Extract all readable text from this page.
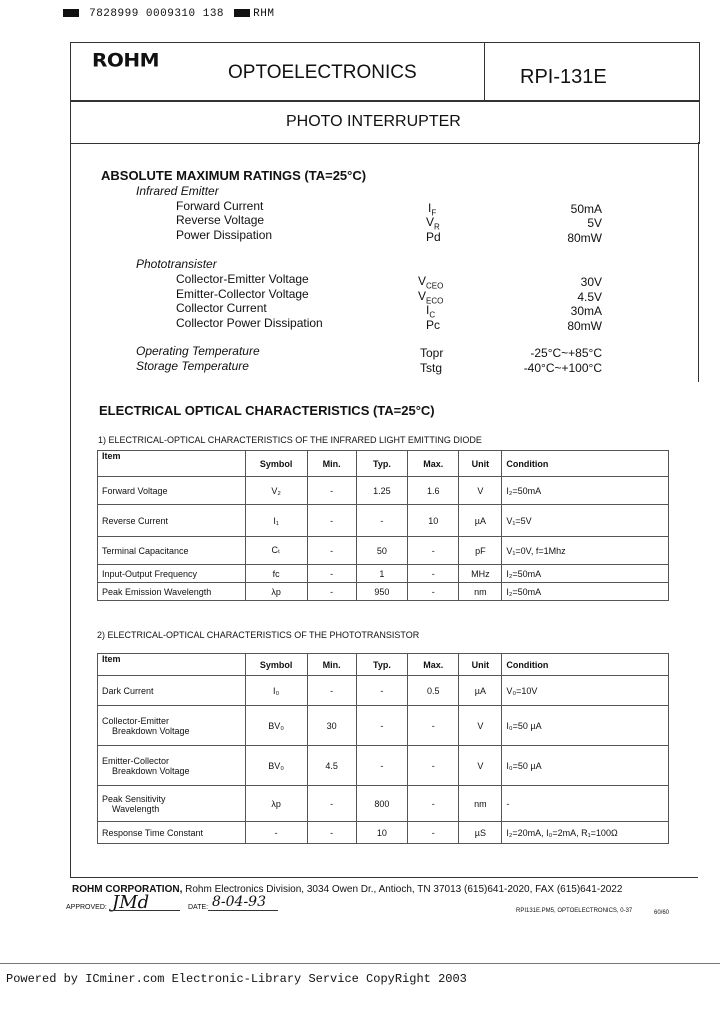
7828999 0009310 138	RHM
ROHM
OPTOELECTRONICS	RPI-131E
PHOTO INTERRUPTER
ABSOLUTE MAXIMUM RATINGS (TA=25°C)
Infrared Emitter
Forward Current	$I_F$	50mA
Reverse Voltage	$V_R$	5V
Power Dissipation	Pd	80mW
Phototransister
Collector-Emitter Voltage	$V_{CEO}$	30V
Emitter-Collector Voltage	$V_{ECO}$	4.5V
Collector Current	$I_C$	30mA
Collector Power Dissipation	Pc	80mW
Operating Temperature	Topr	-25°C~+85°C
Storage Temperature	Tstg	-40°C~+100°C
ELECTRICAL OPTICAL CHARACTERISTICS (TA=25°C)
1) ELECTRICAL-OPTICAL CHARACTERISTICS OF THE INFRARED LIGHT EMITTING DIODE
Item	Symbol	Min.	Typ.	Max.	Unit	Condition
Forward Voltage	V₂	-	1.25	1.6	V	I₂=50mA
Reverse Current	I₁	-	-	10	µA	V₁=5V
Terminal Capacitance	Cₜ	-	50	-	pF	V₁=0V, f=1Mhz
Input-Output Frequency	fc	-	1	-	MHz	I₂=50mA
Peak Emission Wavelength	λp	-	950	-	nm	I₂=50mA
2) ELECTRICAL-OPTICAL CHARACTERISTICS OF THE PHOTOTRANSISTOR
Item	Symbol	Min.	Typ.	Max.	Unit	Condition
Dark Current	I₀	-	-	0.5	µA	V₀=10V
Collector-Emitter
Breakdown Voltage	BV₀	30	-	-	V	I₀=50 µA
Emitter-Collector
Breakdown Voltage	BV₀	4.5	-	-	V	I₀=50 µA
Peak Sensitivity
Wavelength	λp	-	800	-	nm	-
Response Time Constant	-	-	10	-	µS	I₂=20mA, I₀=2mA, R₁=100Ω
ROHM CORPORATION, Rohm Electronics Division, 3034 Owen Dr., Antioch, TN 37013 (615)641-2020, FAX (615)641-2022
APPROVED: JMd	DATE: 8-04-93
RPI131E.PM5, OPTOELECTRONICS, 0-37	60/60
Powered by ICminer.com Electronic-Library Service CopyRight 2003
